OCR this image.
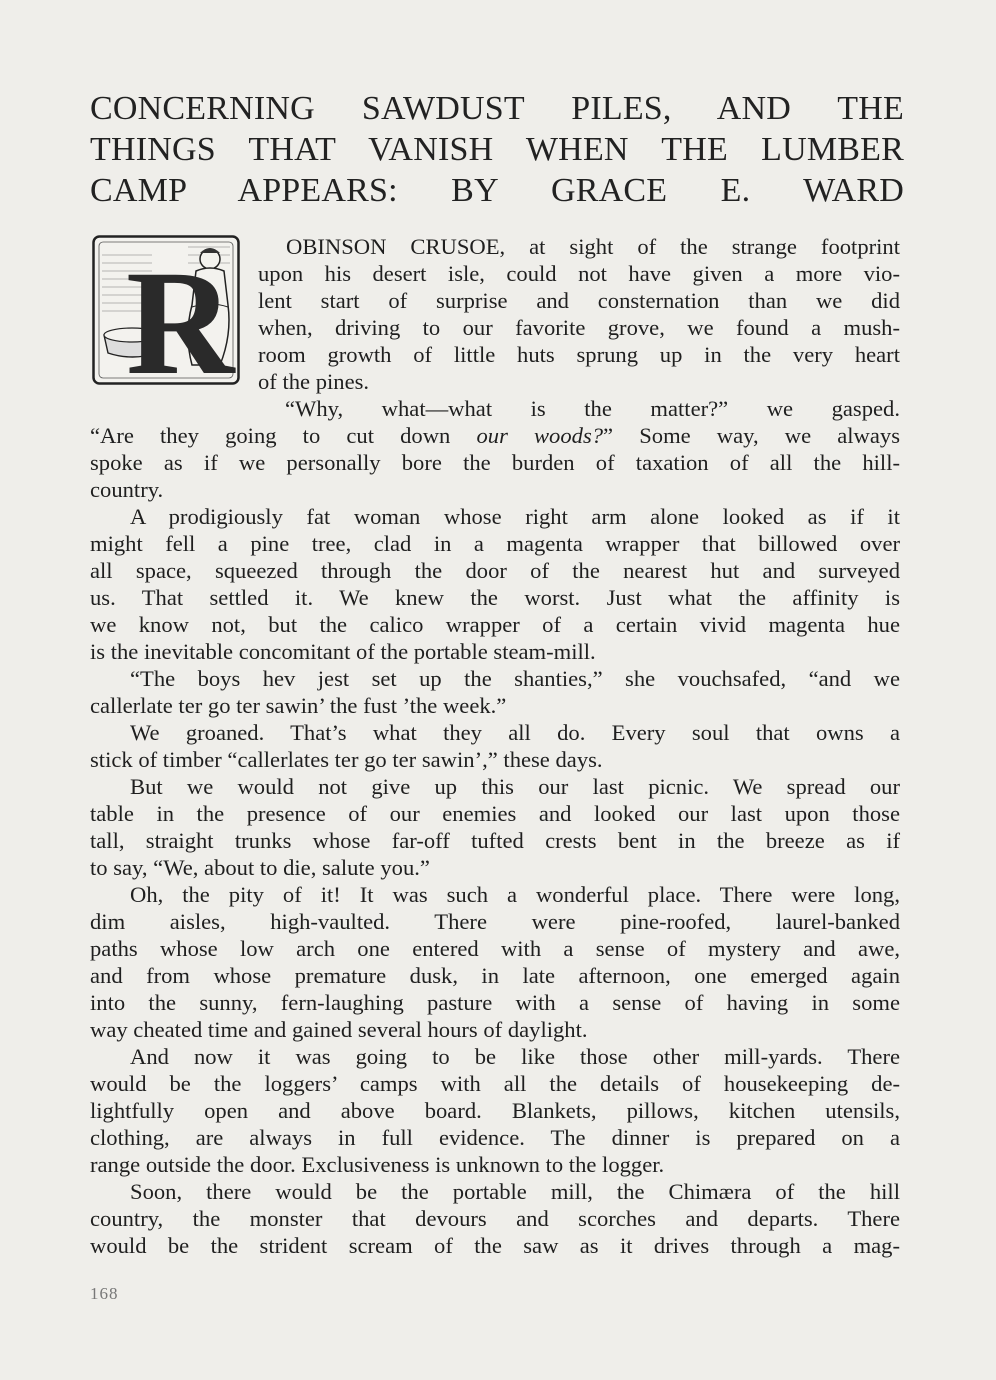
CONCERNING SAWDUST PILES, AND THE
THINGS THAT VANISH WHEN THE LUMBER
CAMP APPEARS: BY GRACE E. WARD
R	OBINSON CRUSOE, at sight of the strange footprint
upon his desert isle, could not have given a more vio-
lent start of surprise and consternation than we did
when, driving to our favorite grove, we found a mush-
room growth of little huts sprung up in the very heart
of the pines.
“Why, what—what is the matter?” we gasped.
“Are they going to cut down our woods?” Some way, we always
spoke as if we personally bore the burden of taxation of all the hill-
country.
A prodigiously fat woman whose right arm alone looked as if it
might fell a pine tree, clad in a magenta wrapper that billowed over
all space, squeezed through the door of the nearest hut and surveyed
us. That settled it. We knew the worst. Just what the affinity is
we know not, but the calico wrapper of a certain vivid magenta hue
is the inevitable concomitant of the portable steam-mill.
“The boys hev jest set up the shanties,” she vouchsafed, “and we
callerlate ter go ter sawin’ the fust ’the week.”
We groaned. That’s what they all do. Every soul that owns a
stick of timber “callerlates ter go ter sawin’,” these days.
But we would not give up this our last picnic. We spread our
table in the presence of our enemies and looked our last upon those
tall, straight trunks whose far-off tufted crests bent in the breeze as if
to say, “We, about to die, salute you.”
Oh, the pity of it! It was such a wonderful place. There were long,
dim aisles, high-vaulted. There were pine-roofed, laurel-banked
paths whose low arch one entered with a sense of mystery and awe,
and from whose premature dusk, in late afternoon, one emerged again
into the sunny, fern-laughing pasture with a sense of having in some
way cheated time and gained several hours of daylight.
And now it was going to be like those other mill-yards. There
would be the loggers’ camps with all the details of housekeeping de-
lightfully open and above board. Blankets, pillows, kitchen utensils,
clothing, are always in full evidence. The dinner is prepared on a
range outside the door. Exclusiveness is unknown to the logger.
Soon, there would be the portable mill, the Chimæra of the hill
country, the monster that devours and scorches and departs. There
would be the strident scream of the saw as it drives through a mag-
168
